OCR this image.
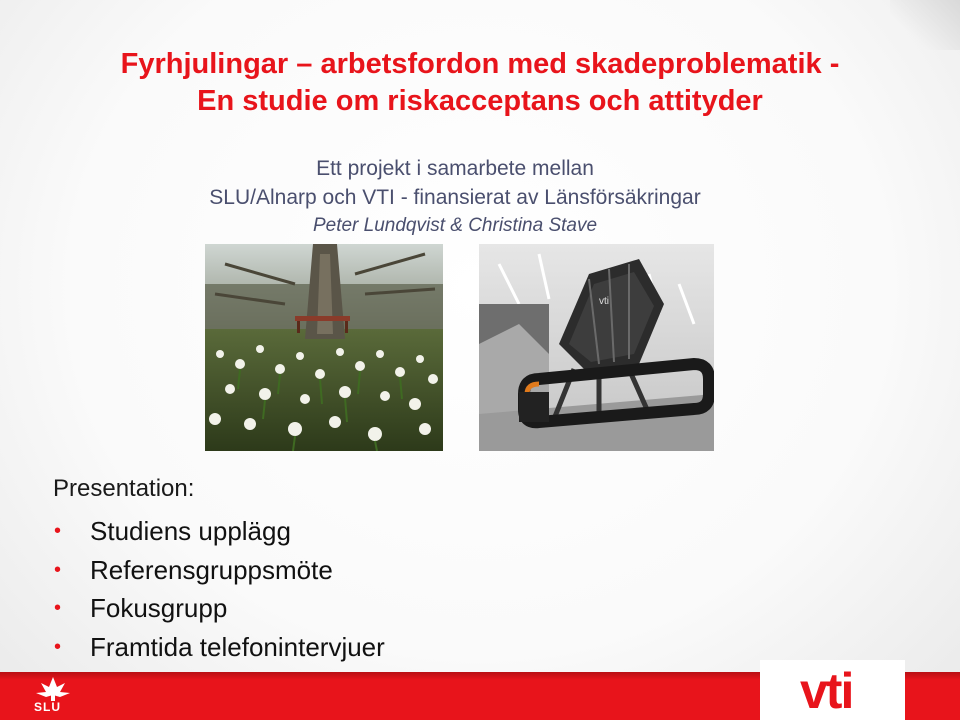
Fyrhjulingar – arbetsfordon med skadeproblematik -
En studie om riskacceptans och attityder
Ett projekt i samarbete mellan
SLU/Alnarp och VTI - finansierat av Länsförsäkringar
Peter Lundqvist & Christina Stave
vti
Presentation:
• Studiens upplägg
• Referensgruppsmöte
• Fokusgrupp
• Framtida telefonintervjuer
SLU	vti
